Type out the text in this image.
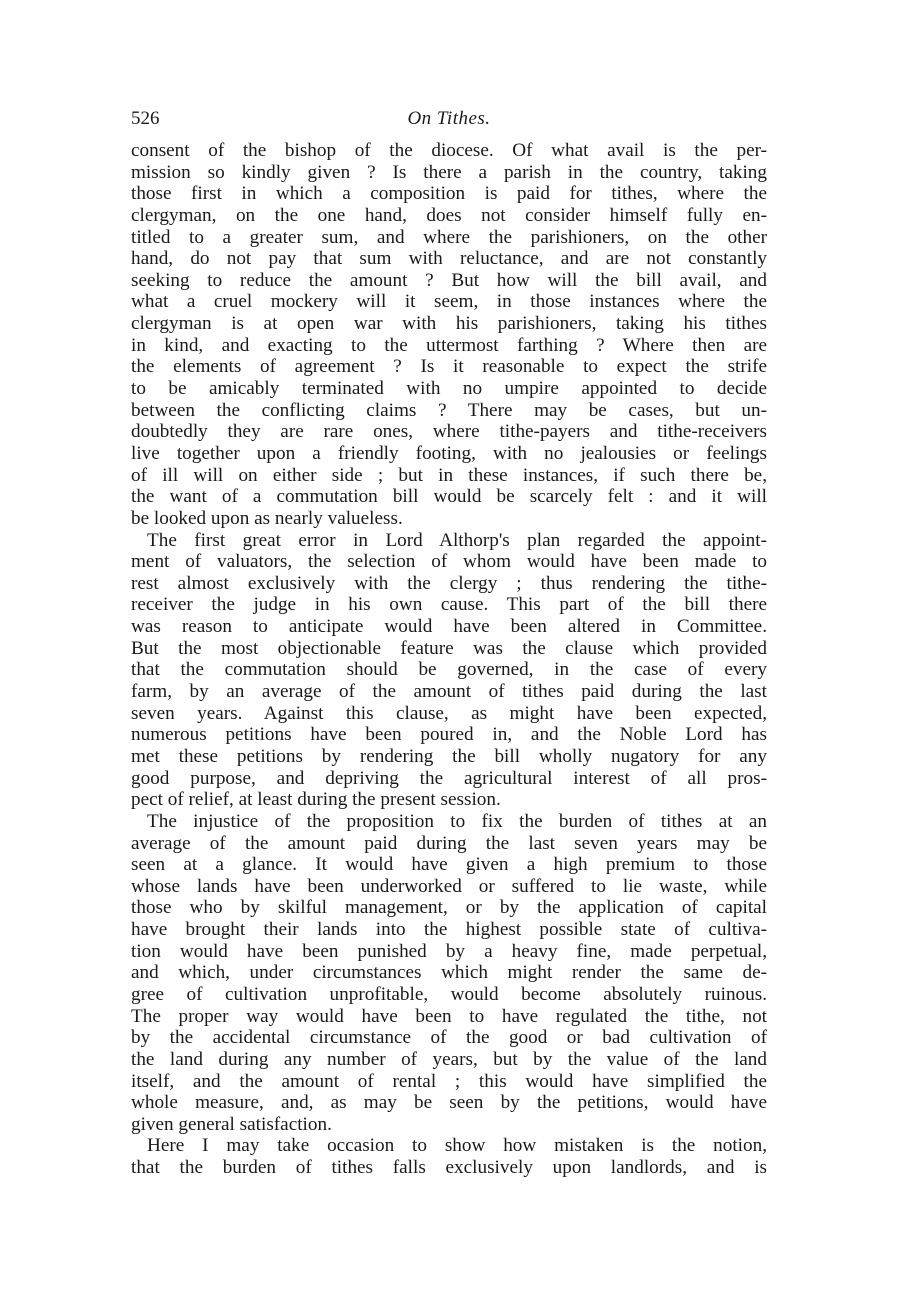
526	On Tithes.
consent of the bishop of the diocese. Of what avail is the per-
mission so kindly given ? Is there a parish in the country, taking
those first in which a composition is paid for tithes, where the
clergyman, on the one hand, does not consider himself fully en-
titled to a greater sum, and where the parishioners, on the other
hand, do not pay that sum with reluctance, and are not constantly
seeking to reduce the amount ? But how will the bill avail, and
what a cruel mockery will it seem, in those instances where the
clergyman is at open war with his parishioners, taking his tithes
in kind, and exacting to the uttermost farthing ? Where then are
the elements of agreement ? Is it reasonable to expect the strife
to be amicably terminated with no umpire appointed to decide
between the conflicting claims ? There may be cases, but un-
doubtedly they are rare ones, where tithe-payers and tithe-receivers
live together upon a friendly footing, with no jealousies or feelings
of ill will on either side ; but in these instances, if such there be,
the want of a commutation bill would be scarcely felt : and it will
be looked upon as nearly valueless.
The first great error in Lord Althorp's plan regarded the appoint-
ment of valuators, the selection of whom would have been made to
rest almost exclusively with the clergy ; thus rendering the tithe-
receiver the judge in his own cause. This part of the bill there
was reason to anticipate would have been altered in Committee.
But the most objectionable feature was the clause which provided
that the commutation should be governed, in the case of every
farm, by an average of the amount of tithes paid during the last
seven years. Against this clause, as might have been expected,
numerous petitions have been poured in, and the Noble Lord has
met these petitions by rendering the bill wholly nugatory for any
good purpose, and depriving the agricultural interest of all pros-
pect of relief, at least during the present session.
The injustice of the proposition to fix the burden of tithes at an
average of the amount paid during the last seven years may be
seen at a glance. It would have given a high premium to those
whose lands have been underworked or suffered to lie waste, while
those who by skilful management, or by the application of capital
have brought their lands into the highest possible state of cultiva-
tion would have been punished by a heavy fine, made perpetual,
and which, under circumstances which might render the same de-
gree of cultivation unprofitable, would become absolutely ruinous.
The proper way would have been to have regulated the tithe, not
by the accidental circumstance of the good or bad cultivation of
the land during any number of years, but by the value of the land
itself, and the amount of rental ; this would have simplified the
whole measure, and, as may be seen by the petitions, would have
given general satisfaction.
Here I may take occasion to show how mistaken is the notion,
that the burden of tithes falls exclusively upon landlords, and is
